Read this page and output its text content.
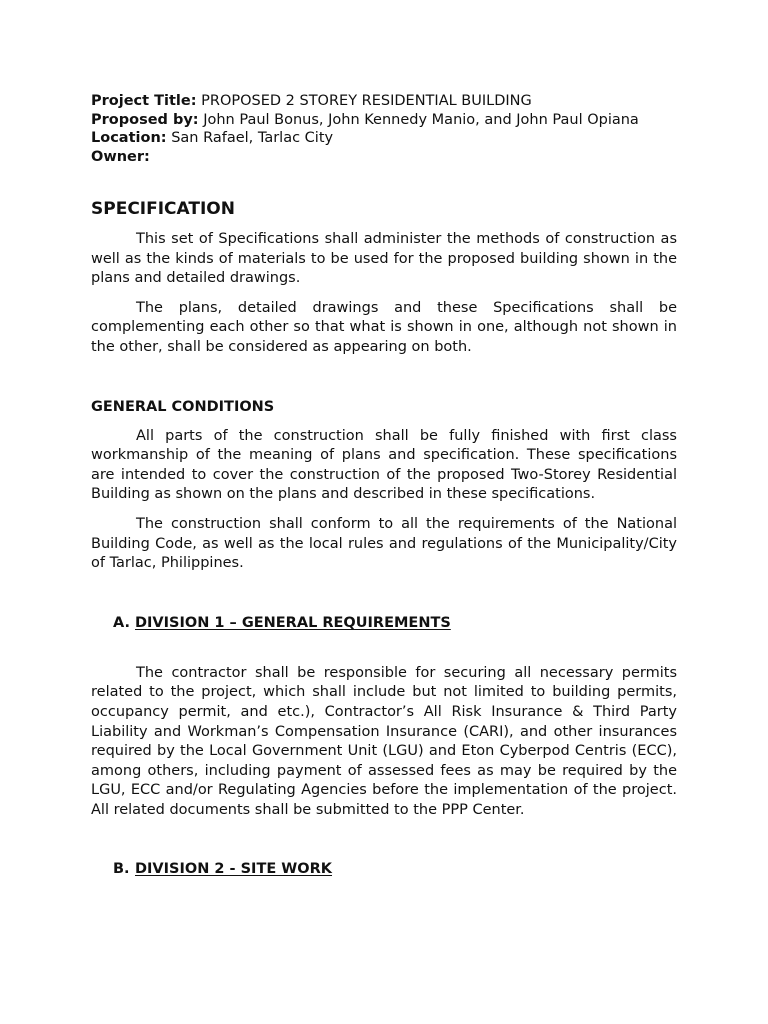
Project Title: PROPOSED 2 STOREY RESIDENTIAL BUILDING
Proposed by: John Paul Bonus, John Kennedy Manio, and John Paul Opiana
Location: San Rafael, Tarlac City
Owner:
SPECIFICATION

This set of Specifications shall administer the methods of construction as well as the kinds of materials to be used for the proposed building shown in the plans and detailed drawings.

The plans, detailed drawings and these Specifications shall be complementing each other so that what is shown in one, although not shown in the other, shall be considered as appearing on both.

GENERAL CONDITIONS

All parts of the construction shall be fully finished with first class workmanship of the meaning of plans and specification. These specifications are intended to cover the construction of the proposed Two-Storey Residential Building as shown on the plans and described in these specifications.

The construction shall conform to all the requirements of the National Building Code, as well as the local rules and regulations of the Municipality/City of Tarlac, Philippines.

A. DIVISION 1 – GENERAL REQUIREMENTS

The contractor shall be responsible for securing all necessary permits related to the project, which shall include but not limited to building permits, occupancy permit, and etc.), Contractor’s All Risk Insurance & Third Party Liability and Workman’s Compensation Insurance (CARI), and other insurances required by the Local Government Unit (LGU) and Eton Cyberpod Centris (ECC), among others, including payment of assessed fees as may be required by the LGU, ECC and/or Regulating Agencies before the implementation of the project. All related documents shall be submitted to the PPP Center.

B. DIVISION 2 - SITE WORK
